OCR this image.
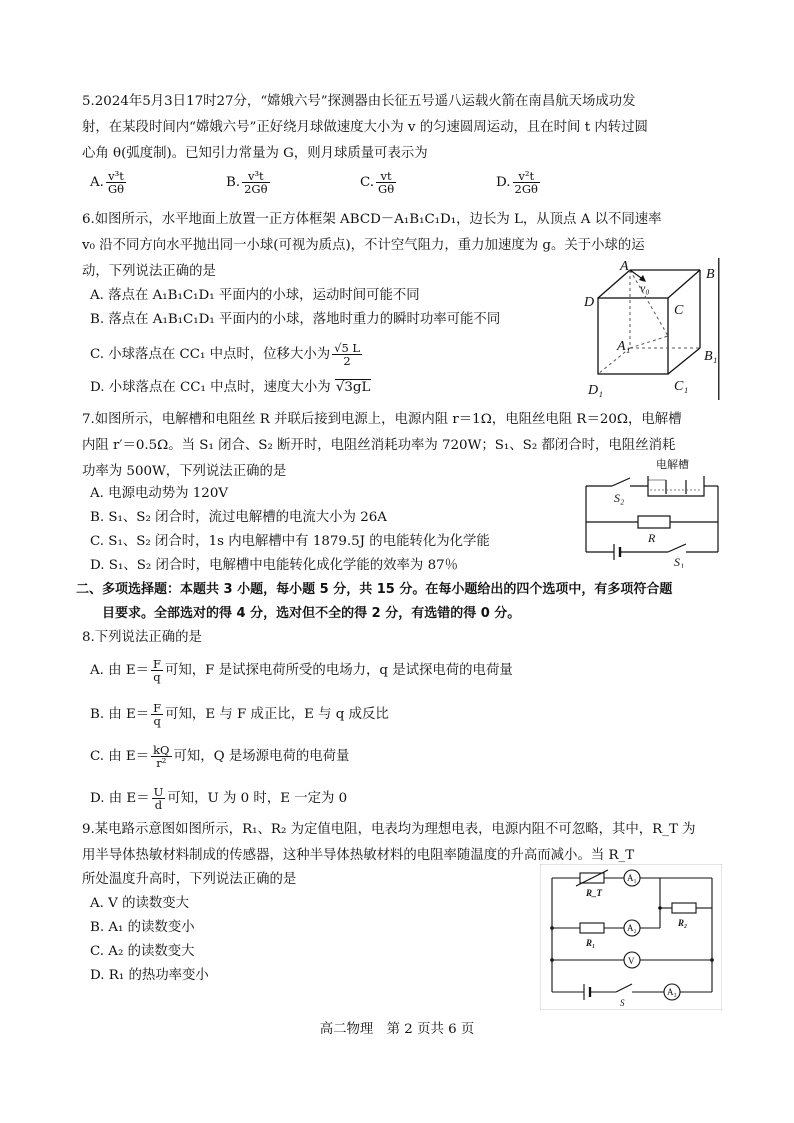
5.2024年5月3日17时27分，“嫦娥六号”探测器由长征五号遥八运载火箭在南昌航天场成功发
射，在某段时间内“嫦娥六号”正好绕月球做速度大小为 v 的匀速圆周运动，且在时间 t 内转过圆
心角 θ(弧度制)。已知引力常量为 G，则月球质量可表示为
A. $\frac{\text{v³t}}{G\theta}$	B. $\frac{\text{v³t}}{2G\theta}$	C. $\frac{vt}{G\theta}$	D. $\frac{\text{v²t}}{2G\theta}$
6.如图所示，水平地面上放置一正方体框架 ABCD－A₁B₁C₁D₁，边长为 L，从顶点 A 以不同速率
v₀ 沿不同方向水平抛出同一小球(可视为质点)，不计空气阻力，重力加速度为 g。关于小球的运
动，下列说法正确的是
A. 落点在 A₁B₁C₁D₁ 平面内的小球，运动时间可能不同
B. 落点在 A₁B₁C₁D₁ 平面内的小球，落地时重力的瞬时功率可能不同
C. 小球落点在 CC₁ 中点时，位移大小为 $\frac{√5 L}{2}$
D. 小球落点在 CC₁ 中点时，速度大小为 √3gL
A
B
C
D
A₁
B₁
C₁
D₁
v₀
7.如图所示，电解槽和电阻丝 R 并联后接到电源上，电源内阻 r＝1Ω，电阻丝电阻 R＝20Ω，电解槽
内阻 r′＝0.5Ω。当 S₁ 闭合、S₂ 断开时，电阻丝消耗功率为 720W；S₁、S₂ 都闭合时，电阻丝消耗
功率为 500W，下列说法正确的是
A. 电源电动势为 120V
B. S₁、S₂ 闭合时，流过电解槽的电流大小为 26A
C. S₁、S₂ 闭合时，1s 内电解槽中有 1879.5J 的电能转化为化学能
D. S₁、S₂ 闭合时，电解槽中电能转化成化学能的效率为 87％
电解槽
S₂
R
S₁
二、多项选择题：本题共 3 小题，每小题 5 分，共 15 分。在每小题给出的四个选项中，有多项符合题
目要求。全部选对的得 4 分，选对但不全的得 2 分，有选错的得 0 分。
8.下列说法正确的是
A. 由 $E= \frac{F}{q}$ 可知，F 是试探电荷所受的电场力，q 是试探电荷的电荷量
B. 由 $E= \frac{F}{q}$ 可知，E 与 F 成正比，E 与 q 成反比
C. 由 $E= \frac{kQ}{\text{r²}}$ 可知，Q 是场源电荷的电荷量
D. 由 $E= \frac{U}{d}$ 可知，U 为 0 时，E 一定为 0
9.某电路示意图如图所示，R₁、R₂ 为定值电阻，电表均为理想电表，电源内阻不可忽略，其中，R_T 为
用半导体热敏材料制成的传感器，这种半导体热敏材料的电阻率随温度的升高而减小。当 R_T
所处温度升高时，下列说法正确的是
A. V 的读数变大
B. A₁ 的读数变小
C. A₂ 的读数变大
D. R₁ 的热功率变小
R_T
A₁
R₂
R₁
A₂
V
S
A₃
高二物理　第 2 页共 6 页
